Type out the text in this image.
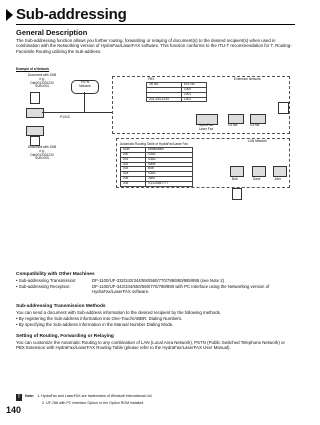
Sub-addressing
General Description
The Sub-addressing function allows you further routing, forwarding or relaying of document(s) to the desired recipient(s) when used in combination with the Networking version of HydraFax/LaserFAX software. This function conforms to the ITU-T recommendation for T. Routing-Facsimile Routing utilizing the Sub-address.
Example of a Network
Document with SUB
e.g.
Dial2013331234
SUB=004
PJ/11C
PSTN
Network
Document with SUB
e.g.
Dial2013331234
SUB=005
Extension Network
PBX
Tel No.	Ext. No.
	1000
	1001
201-333-1234	1002
HydraFax/
Laser Fax
G3 fax	G3 fax
LAN Network
Automatic Routing Table of HydraFax/Laser Fax
SUB	Destination
000	G3#1
001	G3#2
002	Dave
003	Bob
004	G3#1
005	John
006	9,2125557777
Bob	Dave	John
Compatibility with Other Machines
• Sub-addressing Transmission:	DF-1100/UF-332/342/344/550/560/770/788/880/885/895 (see Note 2)
• Sub-addressing Reception:	DF-1100/UF-342/344/550/560/770/788/880 with PC Interface using the Networking version of HydraFax/LaserFAX software.
Sub-addressing Transmission Methods
You can send a document with Sub-address information to the desired recipient by the following methods.
• By registering the Sub-address information into One-Touch/ABBR. Dialing Numbers.
• By specifying the Sub-address information in the Manual Number Dialing Mode.
Setting of Routing, Forwarding or Relaying
You can customize the Automatic Routing to any combination of LAN (Local Area Network), PSTN (Public Switched Telephone Network) or PBX Extension with HydraFax/LaserFAX Routing Table (please refer to the HydraFax/LaserFAX User Manual).
! Note: 1. HydraFax and LaserFAX are trademarks of Windsoft International Ltd.
2. UF-788 with PC Interface Option or the Option ROM installed.
140
